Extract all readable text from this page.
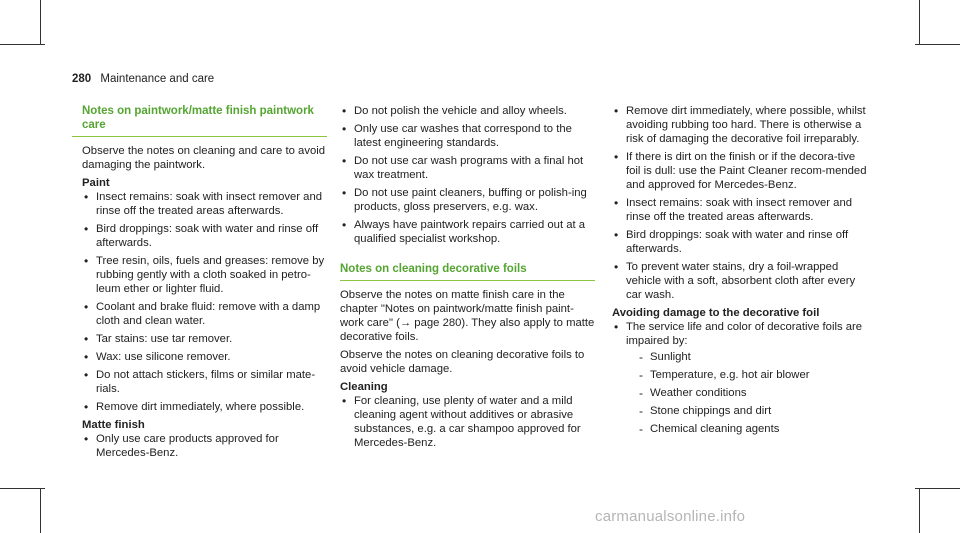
280 Maintenance and care
Notes on paintwork/matte finish paintwork care

Observe the notes on cleaning and care to avoid damaging the paintwork.

Paint
• Insect remains: soak with insect remover and rinse off the treated areas afterwards.
• Bird droppings: soak with water and rinse off afterwards.
• Tree resin, oils, fuels and greases: remove by rubbing gently with a cloth soaked in petro-leum ether or lighter fluid.
• Coolant and brake fluid: remove with a damp cloth and clean water.
• Tar stains: use tar remover.
• Wax: use silicone remover.
• Do not attach stickers, films or similar mate-rials.
• Remove dirt immediately, where possible.
Matte finish
• Only use care products approved for Mercedes-Benz.
• Do not polish the vehicle and alloy wheels.
• Only use car washes that correspond to the latest engineering standards.
• Do not use car wash programs with a final hot wax treatment.
• Do not use paint cleaners, buffing or polish-ing products, gloss preservers, e.g. wax.
• Always have paintwork repairs carried out at a qualified specialist workshop.
Notes on cleaning decorative foils

Observe the notes on matte finish care in the chapter "Notes on paintwork/matte finish paint-work care" (→ page 280). They also apply to matte decorative foils.

Observe the notes on cleaning decorative foils to avoid vehicle damage.

Cleaning
• For cleaning, use plenty of water and a mild cleaning agent without additives or abrasive substances, e.g. a car shampoo approved for Mercedes-Benz.
• Remove dirt immediately, where possible, whilst avoiding rubbing too hard. There is otherwise a risk of damaging the decorative foil irreparably.
• If there is dirt on the finish or if the decora-tive foil is dull: use the Paint Cleaner recom-mended and approved for Mercedes-Benz.
• Insect remains: soak with insect remover and rinse off the treated areas afterwards.
• Bird droppings: soak with water and rinse off afterwards.
• To prevent water stains, dry a foil-wrapped vehicle with a soft, absorbent cloth after every car wash.
Avoiding damage to the decorative foil
• The service life and color of decorative foils are impaired by:
- Sunlight
- Temperature, e.g. hot air blower
- Weather conditions
- Stone chippings and dirt
- Chemical cleaning agents
carmanualsonline.info
